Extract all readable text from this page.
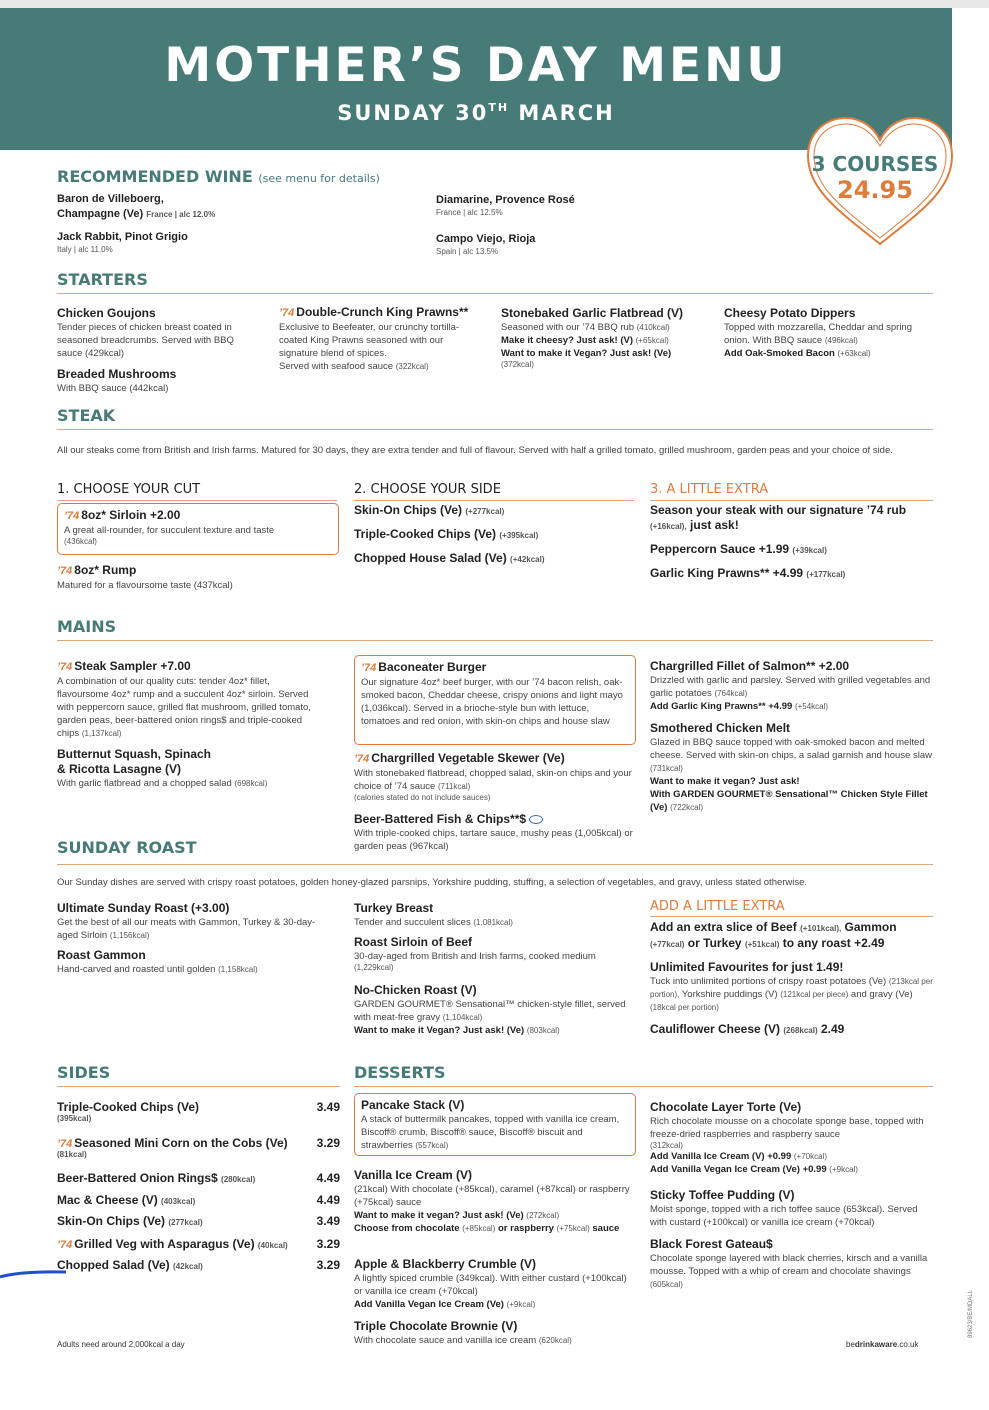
MOTHER’S DAY MENU
SUNDAY 30TH MARCH
3 COURSES
24.95
RECOMMENDED WINE (see menu for details)
Baron de Villeboerg,
Champagne (Ve) France | alc 12.0%
Diamarine, Provence Rosé
France | alc 12.5%
Jack Rabbit, Pinot Grigio
Italy | alc 11.0%
Campo Viejo, Rioja
Spain | alc 13.5%
STARTERS
Chicken Goujons
Tender pieces of chicken breast coated in seasoned breadcrumbs. Served with BBQ sauce (429kcal)
Breaded Mushrooms
With BBQ sauce (442kcal)
’74 Double-Crunch King Prawns**
Exclusive to Beefeater, our crunchy tortilla-coated King Prawns seasoned with our signature blend of spices.
Served with seafood sauce (322kcal)
Stonebaked Garlic Flatbread (V)
Seasoned with our ’74 BBQ rub (410kcal)
Make it cheesy? Just ask! (V) (+65kcal)
Want to make it Vegan? Just ask! (Ve)
(372kcal)
Cheesy Potato Dippers
Topped with mozzarella, Cheddar and spring onion. With BBQ sauce (496kcal)
Add Oak-Smoked Bacon (+63kcal)
STEAK
All our steaks come from British and Irish farms. Matured for 30 days, they are extra tender and full of flavour. Served with half a grilled tomato, grilled mushroom, garden peas and your choice of side.
1. CHOOSE YOUR CUT	2. CHOOSE YOUR SIDE	3. A LITTLE EXTRA
’74 8oz* Sirloin +2.00
A great all-rounder, for succulent texture and taste
(436kcal)
’74 8oz* Rump
Matured for a flavoursome taste (437kcal)
Skin-On Chips (Ve) (+277kcal)
Triple-Cooked Chips (Ve) (+395kcal)
Chopped House Salad (Ve) (+42kcal)
Season your steak with our signature ’74 rub
(+16kcal), just ask!
Peppercorn Sauce +1.99 (+39kcal)
Garlic King Prawns** +4.99 (+177kcal)
MAINS
’74 Steak Sampler +7.00
A combination of our quality cuts: tender 4oz* fillet, flavoursome 4oz* rump and a succulent 4oz* sirloin. Served with peppercorn sauce, grilled flat mushroom, grilled tomato, garden peas, beer-battered onion rings$ and triple-cooked chips (1,137kcal)
Butternut Squash, Spinach
& Ricotta Lasagne (V)
With garlic flatbread and a chopped salad (698kcal)
’74 Baconeater Burger
Our signature 4oz* beef burger, with our ’74 bacon relish, oak-smoked bacon, Cheddar cheese, crispy onions and light mayo (1,036kcal). Served in a brioche-style bun with lettuce, tomatoes and red onion, with skin-on chips and house slaw
’74 Chargrilled Vegetable Skewer (Ve)
With stonebaked flatbread, chopped salad, skin-on chips and your choice of ’74 sauce (711kcal)
(calories stated do not include sauces)
Beer-Battered Fish & Chips**$
With triple-cooked chips, tartare sauce, mushy peas (1,005kcal) or garden peas (967kcal)
Chargrilled Fillet of Salmon** +2.00
Drizzled with garlic and parsley. Served with grilled vegetables and garlic potatoes (764kcal)
Add Garlic King Prawns** +4.99 (+54kcal)
Smothered Chicken Melt
Glazed in BBQ sauce topped with oak-smoked bacon and melted cheese. Served with skin-on chips, a salad garnish and house slaw (731kcal)
Want to make it vegan? Just ask!
With GARDEN GOURMET® Sensational™ Chicken Style Fillet (Ve) (722kcal)
SUNDAY ROAST
Our Sunday dishes are served with crispy roast potatoes, golden honey-glazed parsnips, Yorkshire pudding, stuffing, a selection of vegetables, and gravy, unless stated otherwise.
Ultimate Sunday Roast (+3.00)
Get the best of all our meats with Gammon, Turkey & 30-day-aged Sirloin (1,156kcal)
Roast Gammon
Hand-carved and roasted until golden (1,158kcal)
Turkey Breast
Tender and succulent slices (1,081kcal)
Roast Sirloin of Beef
30-day-aged from British and Irish farms, cooked medium
(1,229kcal)
No-Chicken Roast (V)
GARDEN GOURMET® Sensational™ chicken-style fillet, served with meat-free gravy (1,104kcal)
Want to make it Vegan? Just ask! (Ve) (803kcal)
ADD A LITTLE EXTRA
Add an extra slice of Beef (+101kcal), Gammon
(+77kcal) or Turkey (+51kcal) to any roast +2.49
Unlimited Favourites for just 1.49!
Tuck into unlimited portions of crispy roast potatoes (Ve) (213kcal per portion), Yorkshire puddings (V) (121kcal per piece) and gravy (Ve) (18kcal per portion)
Cauliflower Cheese (V) (268kcal) 2.49
SIDES
Triple-Cooked Chips (Ve)	3.49
(395kcal)
’74 Seasoned Mini Corn on the Cobs (Ve) 3.29
(81kcal)
Beer-Battered Onion Rings$ (280kcal)	4.49
Mac & Cheese (V) (403kcal)	4.49
Skin-On Chips (Ve) (277kcal)	3.49
’74 Grilled Veg with Asparagus (Ve) (40kcal) 3.29
Chopped Salad (Ve) (42kcal)	3.29
DESSERTS
Pancake Stack (V)
A stack of buttermilk pancakes, topped with vanilla ice cream, Biscoff® crumb, Biscoff® sauce, Biscoff® biscuit and strawberries (557kcal)
Vanilla Ice Cream (V)
(21kcal) With chocolate (+85kcal), caramel (+87kcal) or raspberry (+75kcal) sauce
Want to make it vegan? Just ask! (Ve) (272kcal)
Choose from chocolate (+85kcal) or raspberry (+75kcal) sauce
Apple & Blackberry Crumble (V)
A lightly spiced crumble (349kcal). With either custard (+100kcal) or vanilla ice cream (+70kcal)
Add Vanilla Vegan Ice Cream (Ve) (+9kcal)
Triple Chocolate Brownie (V)
With chocolate sauce and vanilla ice cream (620kcal)
Chocolate Layer Torte (Ve)
Rich chocolate mousse on a chocolate sponge base, topped with freeze-dried raspberries and raspberry sauce
(312kcal)
Add Vanilla Ice Cream (V) +0.99 (+70kcal)
Add Vanilla Vegan Ice Cream (Ve) +0.99 (+9kcal)
Sticky Toffee Pudding (V)
Moist sponge, topped with a rich toffee sauce (653kcal). Served with custard (+100kcal) or vanilla ice cream (+70kcal)
Black Forest Gateau$
Chocolate sponge layered with black cherries, kirsch and a vanilla mousse. Topped with a whip of cream and chocolate shavings (605kcal)
Adults need around 2,000kcal a day	bedrinkaware.co.uk
89623/BE/MDALL
